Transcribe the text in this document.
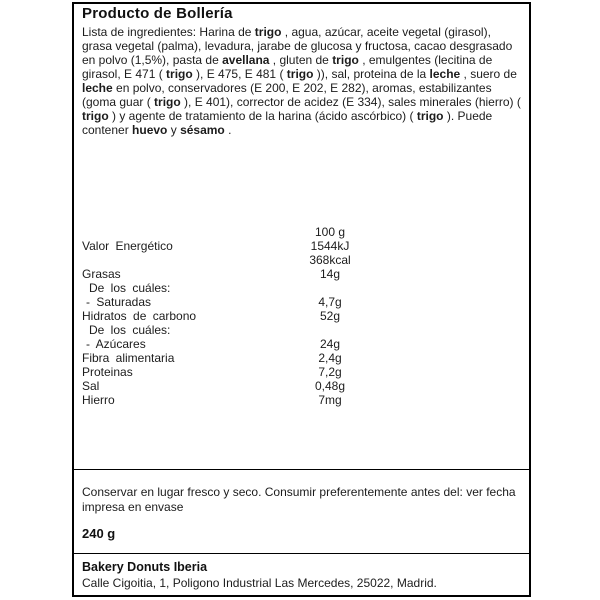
Producto de Bollería
Lista de ingredientes: Harina de trigo , agua, azúcar, aceite vegetal (girasol), grasa vegetal (palma), levadura, jarabe de glucosa y fructosa, cacao desgrasado en polvo (1,5%), pasta de avellana , gluten de trigo , emulgentes (lecitina de girasol, E 471 ( trigo ), E 475, E 481 ( trigo )), sal, proteina de la leche , suero de leche en polvo, conservadores (E 200, E 202, E 282), aromas, estabilizantes (goma guar ( trigo ), E 401), corrector de acidez (E 334), sales minerales (hierro) ( trigo ) y agente de tratamiento de la harina (ácido ascórbico) ( trigo ). Puede contener huevo y sésamo .
100 g
Valor Energético	1544kJ
368kcal
Grasas	14g
De los cuáles:
- Saturadas	4,7g
Hidratos de carbono	52g
De los cuáles:
- Azúcares	24g
Fibra alimentaria	2,4g
Proteinas	7,2g
Sal	0,48g
Hierro	7mg
Conservar en lugar fresco y seco. Consumir preferentemente antes del: ver fecha impresa en envase
240 g
Bakery Donuts Iberia
Calle Cigoitia, 1, Poligono Industrial Las Mercedes, 25022, Madrid.
